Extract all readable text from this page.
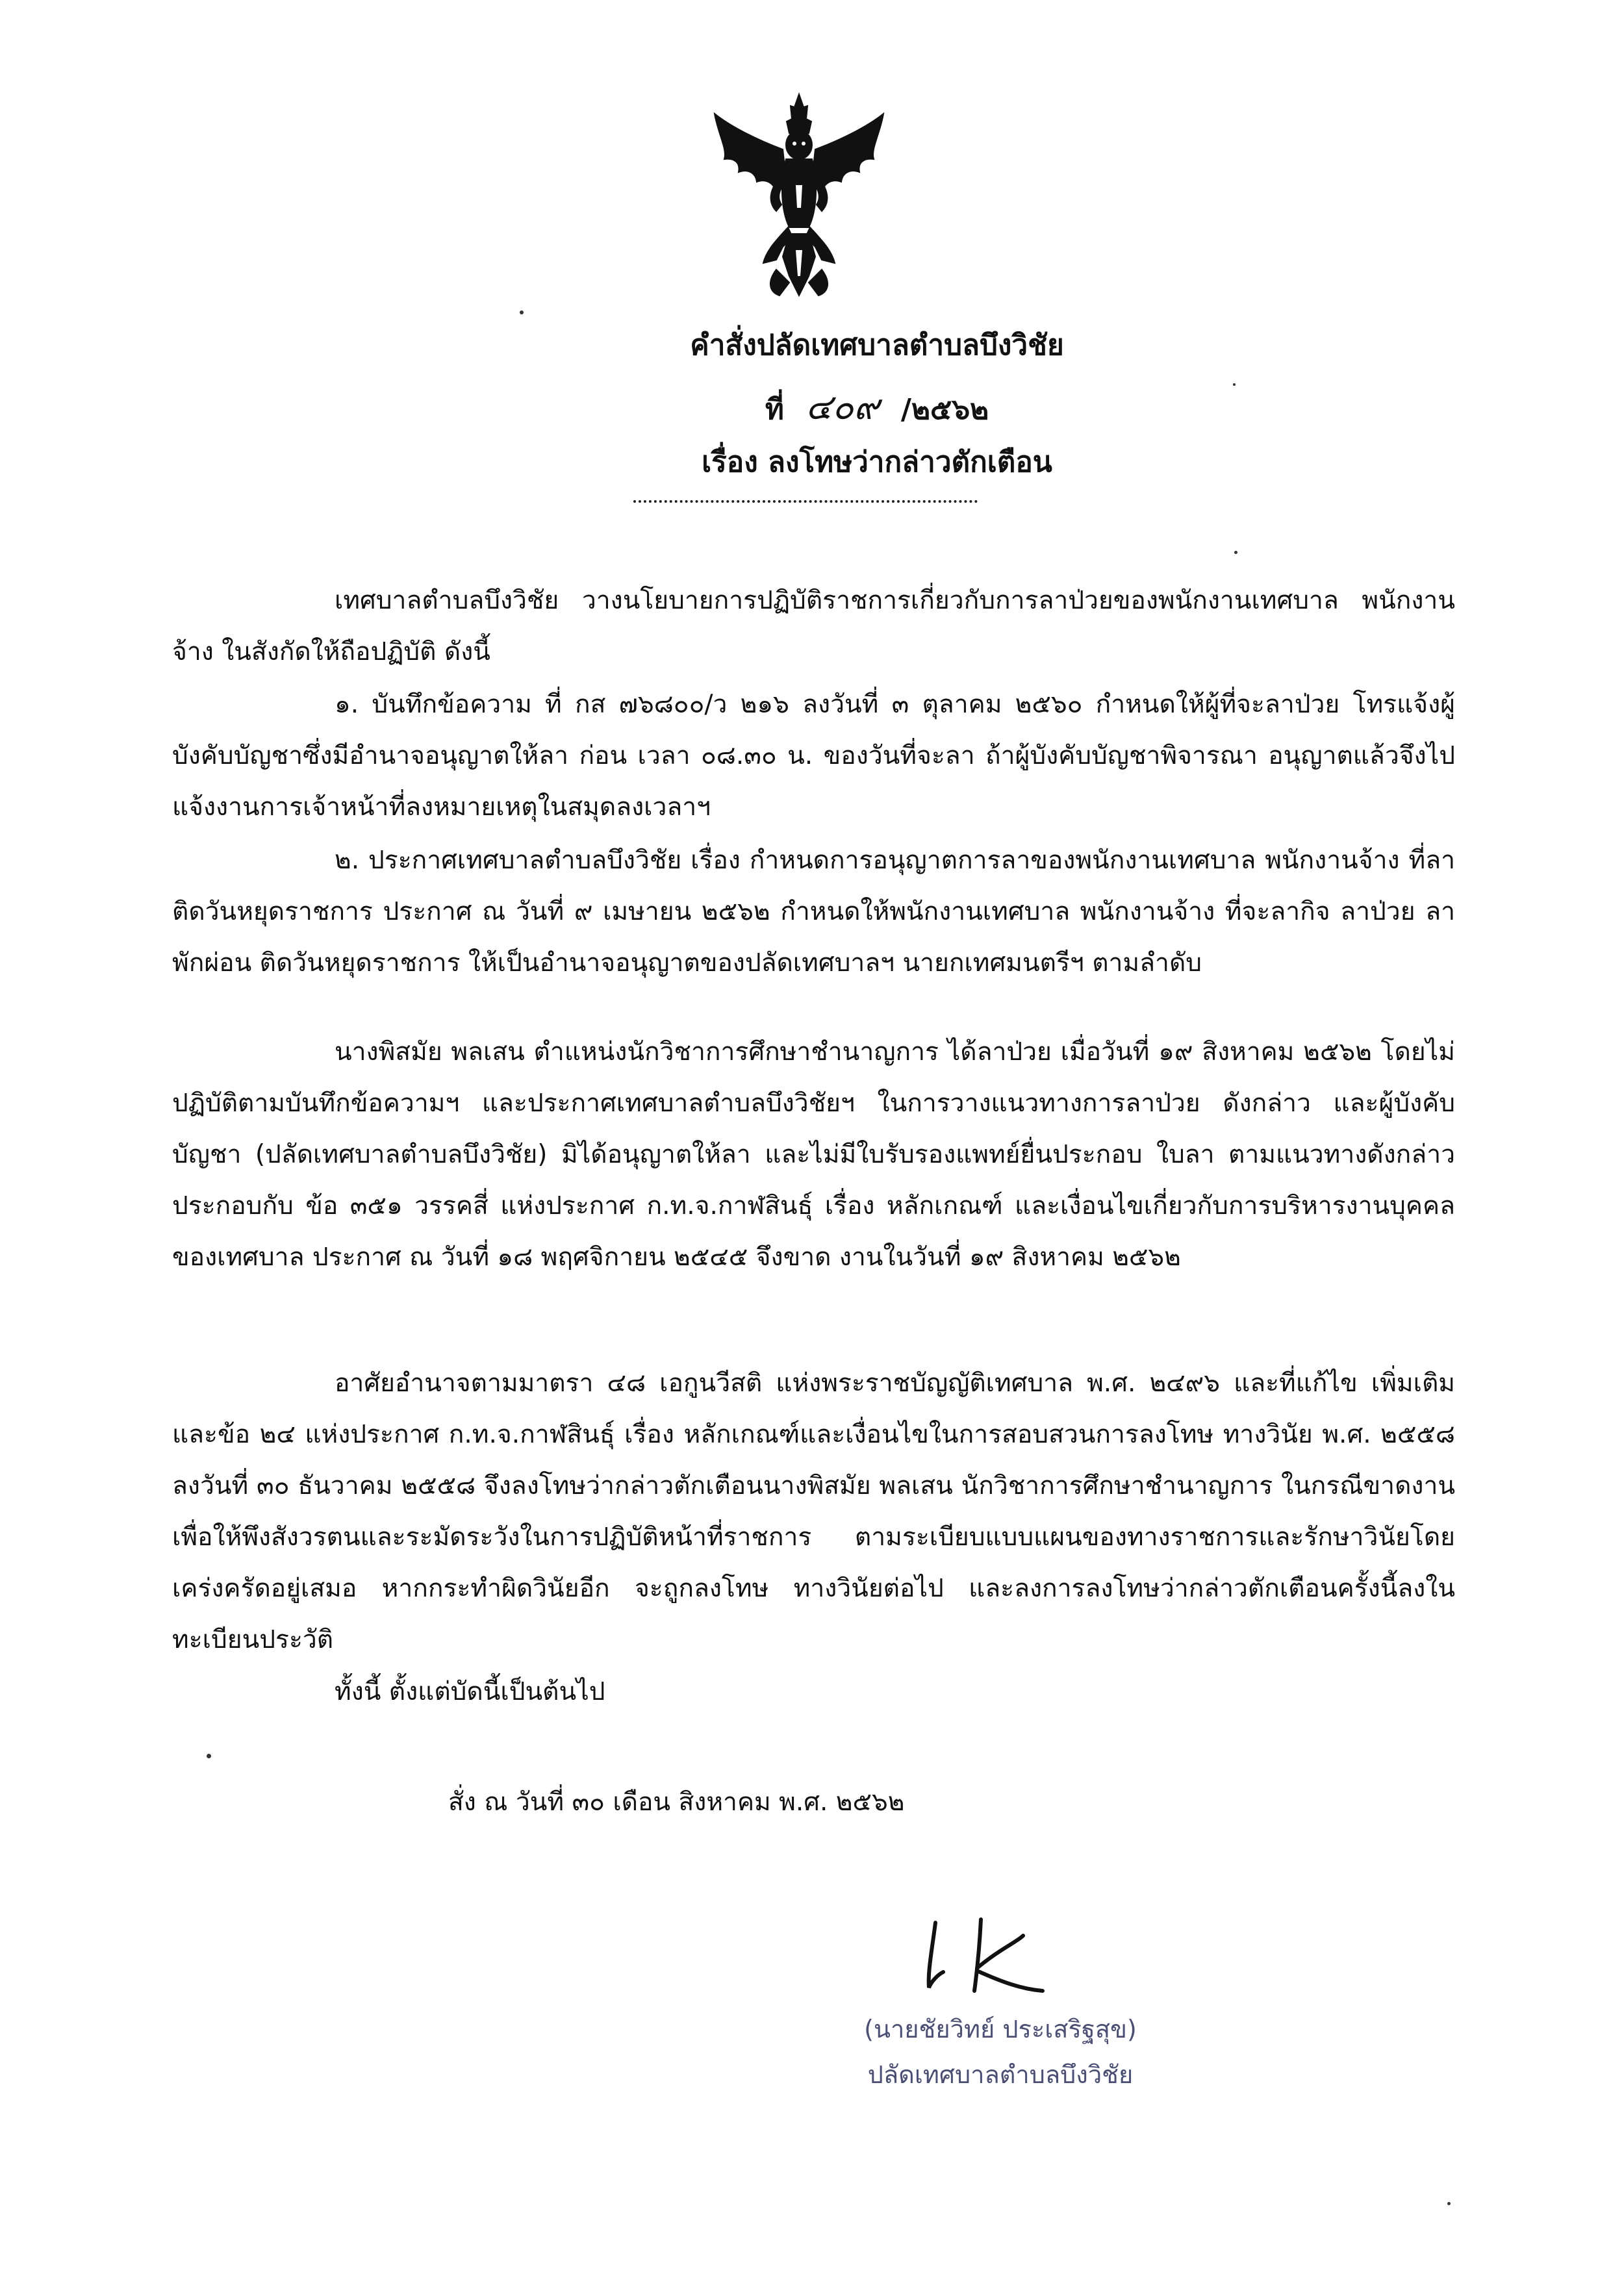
คำสั่งปลัดเทศบาลตำบลบึงวิชัย
ที่ ๔๐๙ /๒๕๖๒
เรื่อง ลงโทษว่ากล่าวตักเตือน
เทศบาลตำบลบึงวิชัย วางนโยบายการปฏิบัติราชการเกี่ยวกับการลาป่วยของพนักงานเทศบาล พนักงานจ้าง ในสังกัดให้ถือปฏิบัติ ดังนี้
๑. บันทึกข้อความ ที่ กส ๗๖๘๐๐/ว ๒๑๖ ลงวันที่ ๓ ตุลาคม ๒๕๖๐ กำหนดให้ผู้ที่จะลาป่วย โทรแจ้งผู้บังคับบัญชาซึ่งมีอำนาจอนุญาตให้ลา ก่อน เวลา ๐๘.๓๐ น. ของวันที่จะลา ถ้าผู้บังคับบัญชาพิจารณา อนุญาตแล้วจึงไปแจ้งงานการเจ้าหน้าที่ลงหมายเหตุในสมุดลงเวลาฯ
๒. ประกาศเทศบาลตำบลบึงวิชัย เรื่อง กำหนดการอนุญาตการลาของพนักงานเทศบาล พนักงานจ้าง ที่ลาติดวันหยุดราชการ ประกาศ ณ วันที่ ๙ เมษายน ๒๕๖๒ กำหนดให้พนักงานเทศบาล พนักงานจ้าง ที่จะลากิจ ลาป่วย ลาพักผ่อน ติดวันหยุดราชการ ให้เป็นอำนาจอนุญาตของปลัดเทศบาลฯ นายกเทศมนตรีฯ ตามลำดับ
นางพิสมัย พลเสน ตำแหน่งนักวิชาการศึกษาชำนาญการ ได้ลาป่วย เมื่อวันที่ ๑๙ สิงหาคม ๒๕๖๒ โดยไม่ปฏิบัติตามบันทึกข้อความฯ และประกาศเทศบาลตำบลบึงวิชัยฯ ในการวางแนวทางการลาป่วย ดังกล่าว และผู้บังคับบัญชา (ปลัดเทศบาลตำบลบึงวิชัย) มิได้อนุญาตให้ลา และไม่มีใบรับรองแพทย์ยื่นประกอบ ใบลา ตามแนวทางดังกล่าว ประกอบกับ ข้อ ๓๕๑ วรรคสี่ แห่งประกาศ ก.ท.จ.กาฬสินธุ์ เรื่อง หลักเกณฑ์ และเงื่อนไขเกี่ยวกับการบริหารงานบุคคลของเทศบาล ประกาศ ณ วันที่ ๑๘ พฤศจิกายน ๒๕๔๕ จึงขาด งานในวันที่ ๑๙ สิงหาคม ๒๕๖๒
อาศัยอำนาจตามมาตรา ๔๘ เอกูนวีสติ แห่งพระราชบัญญัติเทศบาล พ.ศ. ๒๔๙๖ และที่แก้ไข เพิ่มเติม และข้อ ๒๔ แห่งประกาศ ก.ท.จ.กาฬสินธุ์ เรื่อง หลักเกณฑ์และเงื่อนไขในการสอบสวนการลงโทษ ทางวินัย พ.ศ. ๒๕๕๘ ลงวันที่ ๓๐ ธันวาคม ๒๕๕๘ จึงลงโทษว่ากล่าวตักเตือนนางพิสมัย พลเสน นักวิชาการศึกษาชำนาญการ ในกรณีขาดงาน เพื่อให้พึงสังวรตนและระมัดระวังในการปฏิบัติหน้าที่ราชการ ตามระเบียบแบบแผนของทางราชการและรักษาวินัยโดยเคร่งครัดอยู่เสมอ หากกระทำผิดวินัยอีก จะถูกลงโทษ ทางวินัยต่อไป และลงการลงโทษว่ากล่าวตักเตือนครั้งนี้ลงในทะเบียนประวัติ
ทั้งนี้ ตั้งแต่บัดนี้เป็นต้นไป
สั่ง ณ วันที่ ๓๐ เดือน สิงหาคม พ.ศ. ๒๕๖๒
(นายชัยวิทย์ ประเสริฐสุข)
ปลัดเทศบาลตำบลบึงวิชัย
